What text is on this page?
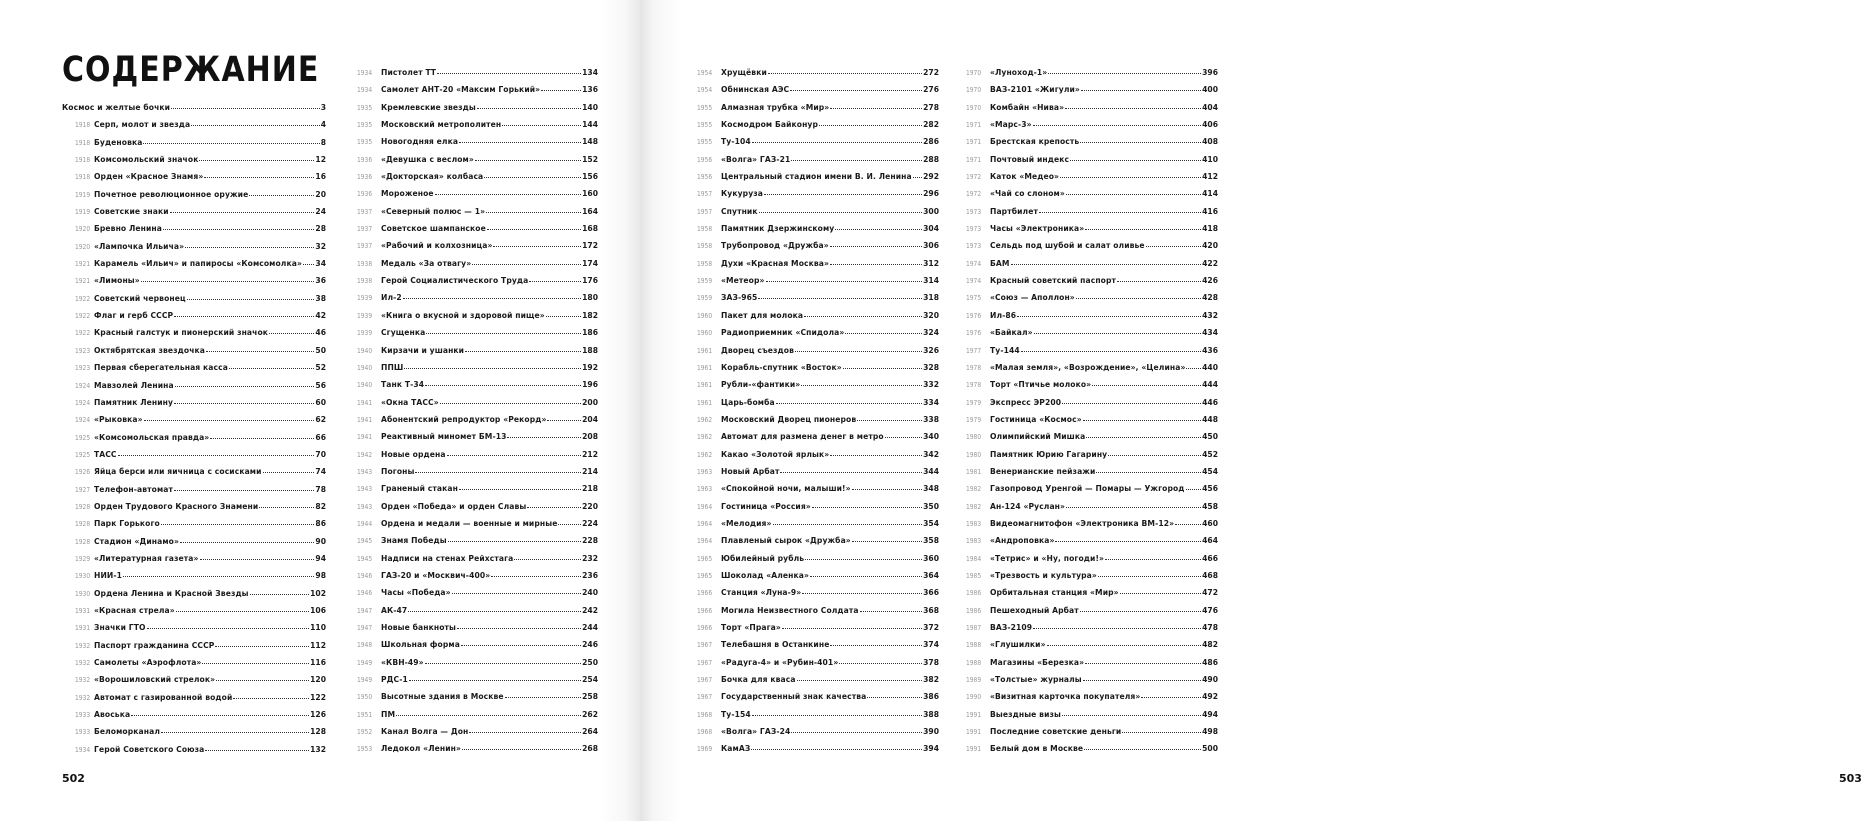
СОДЕРЖАНИЕ
Космос и желтые бочки	3
1918 Серп, молот и звезда	4
1918 Буденовка	8
1918 Комсомольский значок	12
1918 Орден «Красное Знамя»	16
1919 Почетное революционное оружие	20
1919 Советские знаки	24
1920 Бревно Ленина	28
1920 «Лампочка Ильича»	32
1921 Карамель «Ильич» и папиросы «Комсомолка» 34
1921 «Лимоны»	36
1922 Советский червонец	38
1922 Флаг и герб СССР	42
1922 Красный галстук и пионерский значок	46
1923 Октябрятская звездочка	50
1923 Первая сберегательная касса	52
1924 Мавзолей Ленина	56
1924 Памятник Ленину	60
1924 «Рыковка»	62
1925 «Комсомольская правда»	66
1925 ТАСС	70
1926 Яйца берси или яичница с сосисками	74
1927 Телефон-автомат	78
1928 Орден Трудового Красного Знамени	82
1928 Парк Горького	86
1928 Стадион «Динамо»	90
1929 «Литературная газета»	94
1930 НИИ-1	98
1930 Ордена Ленина и Красной Звезды	102
1931 «Красная стрела»	106
1931 Значки ГТО	110
1932 Паспорт гражданина СССР	112
1932 Самолеты «Аэрофлота»	116
1932 «Ворошиловский стрелок»	120
1932 Автомат с газированной водой	122
1933 Авоська	126
1933 Беломорканал	128
1934 Герой Советского Союза	132
1934	Пистолет ТТ	134
1934	Самолет АНТ-20 «Максим Горький»	136
1935	Кремлевские звезды	140
1935	Московский метрополитен	144
1935	Новогодняя елка	148
1936	«Девушка с веслом»	152
1936	«Докторская» колбаса	156
1936	Мороженое	160
1937	«Северный полюс — 1»	164
1937	Советское шампанское	168
1937	«Рабочий и колхозница»	172
1938	Медаль «За отвагу»	174
1938	Герой Социалистического Труда	176
1939	Ил-2	180
1939	«Книга о вкусной и здоровой пище»	182
1939	Сгущенка	186
1940	Кирзачи и ушанки	188
1940	ППШ	192
1940	Танк Т-34	196
1941	«Окна ТАСС»	200
1941	Абонентский репродуктор «Рекорд»	204
1941	Реактивный миномет БМ-13	208
1942	Новые ордена	212
1943	Погоны	214
1943	Граненый стакан	218
1943	Орден «Победа» и орден Славы	220
1944	Ордена и медали — военные и мирные	224
1945	Знамя Победы	228
1945	Надписи на стенах Рейхстага	232
1946	ГАЗ-20 и «Москвич-400»	236
1946	Часы «Победа»	240
1947	АК-47	242
1947	Новые банкноты	244
1948	Школьная форма	246
1949	«КВН-49»	250
1949	РДС-1	254
1950	Высотные здания в Москве	258
1951	ПМ	262
1952	Канал Волга — Дон	264
1953	Ледокол «Ленин»	268
502	503
1954	Хрущёвки	272
1954	Обнинская АЭС	276
1955	Алмазная трубка «Мир»	278
1955	Космодром Байконур	282
1955	Ту-104	286
1956	«Волга» ГАЗ-21	288
1956	Центральный стадион имени В. И. Ленина 292
1957	Кукуруза	296
1957	Спутник	300
1958	Памятник Дзержинскому	304
1958	Трубопровод «Дружба»	306
1958	Духи «Красная Москва»	312
1959	«Метеор»	314
1959	ЗАЗ-965	318
1960	Пакет для молока	320
1960	Радиоприемник «Спидола»	324
1961	Дворец съездов	326
1961	Корабль-спутник «Восток»	328
1961	Рубли-«фантики»	332
1961	Царь-бомба	334
1962	Московский Дворец пионеров	338
1962	Автомат для размена денег в метро	340
1962	Какао «Золотой ярлык»	342
1963	Новый Арбат	344
1963	«Спокойной ночи, малыши!»	348
1964	Гостиница «Россия»	350
1964	«Мелодия»	354
1964	Плавленый сырок «Дружба»	358
1965	Юбилейный рубль	360
1965	Шоколад «Аленка»	364
1966	Станция «Луна-9»	366
1966	Могила Неизвестного Солдата	368
1966	Торт «Прага»	372
1967	Телебашня в Останкине	374
1967	«Радуга-4» и «Рубин-401»	378
1967	Бочка для кваса	382
1967	Государственный знак качества	386
1968	Ту-154	388
1968	«Волга» ГАЗ-24	390
1969	КамАЗ	394
1970	«Луноход-1»	396
1970	ВАЗ-2101 «Жигули»	400
1970	Комбайн «Нива»	404
1971	«Марс-3»	406
1971	Брестская крепость	408
1971	Почтовый индекс	410
1972	Каток «Медео»	412
1972	«Чай со слоном»	414
1973	Партбилет	416
1973	Часы «Электроника»	418
1973	Сельдь под шубой и салат оливье	420
1974	БАМ	422
1974	Красный советский паспорт	426
1975	«Союз — Аполлон»	428
1976	Ил-86	432
1976	«Байкал»	434
1977	Ту-144	436
1978	«Малая земля», «Возрождение», «Целина» 440
1978	Торт «Птичье молоко»	444
1979	Экспресс ЭР200	446
1979	Гостиница «Космос»	448
1980	Олимпийский Мишка	450
1980	Памятник Юрию Гагарину	452
1981	Венерианские пейзажи	454
1982	Газопровод Уренгой — Помары — Ужгород 456
1982	Ан-124 «Руслан»	458
1983	Видеомагнитофон «Электроника ВМ-12»	460
1983	«Андроповка»	464
1984	«Тетрис» и «Ну, погоди!»	466
1985	«Трезвость и культура»	468
1986	Орбитальная станция «Мир»	472
1986	Пешеходный Арбат	476
1987	ВАЗ-2109	478
1988	«Глушилки»	482
1988	Магазины «Березка»	486
1989	«Толстые» журналы	490
1990	«Визитная карточка покупателя»	492
1991	Выездные визы	494
1991	Последние советские деньги	498
1991	Белый дом в Москве	500
